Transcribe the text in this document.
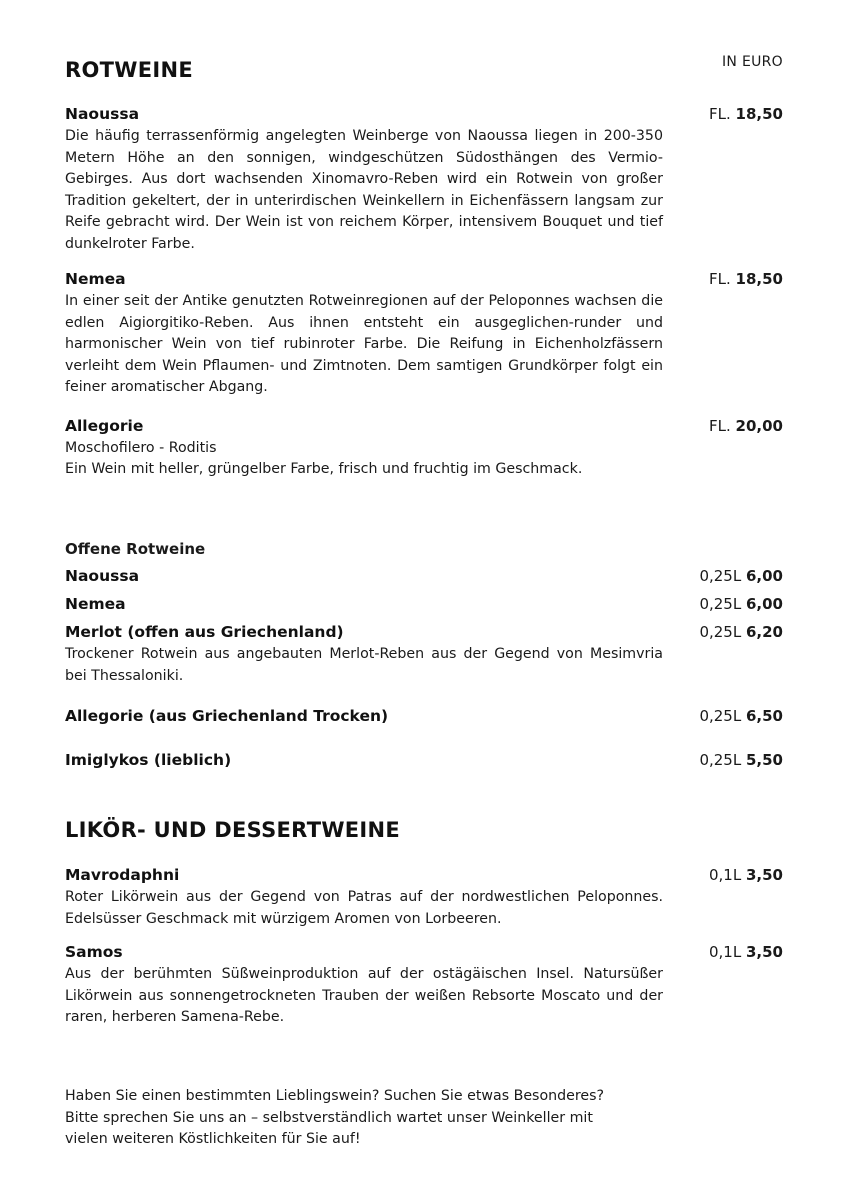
ROTWEINE	IN EURO
Naoussa	FL. 18,50
Die häufig terrassenförmig angelegten Weinberge von Naoussa liegen in 200-350 Metern Höhe an den sonnigen, windgeschützen Südosthängen des Vermio-Gebirges. Aus dort wachsenden Xinomavro-Reben wird ein Rotwein von großer Tradition gekeltert, der in unterirdischen Weinkellern in Eichenfässern langsam zur Reife gebracht wird. Der Wein ist von reichem Körper, intensivem Bouquet und tief dunkelroter Farbe.
Nemea	FL. 18,50
In einer seit der Antike genutzten Rotweinregionen auf der Peloponnes wachsen die edlen Aigiorgitiko-Reben. Aus ihnen entsteht ein ausgeglichen-runder und harmonischer Wein von tief rubinroter Farbe. Die Reifung in Eichenholzfässern verleiht dem Wein Pflaumen- und Zimtnoten. Dem samtigen Grundkörper folgt ein feiner aromatischer Abgang.
Allegorie	FL. 20,00
Moschofilero - Roditis
Ein Wein mit heller, grüngelber Farbe, frisch und fruchtig im Geschmack.
Offene Rotweine
Naoussa	0,25L 6,00
Nemea	0,25L 6,00
Merlot (offen aus Griechenland)	0,25L 6,20
Trockener Rotwein aus angebauten Merlot-Reben aus der Gegend von Mesimvria bei Thessaloniki.
Allegorie (aus Griechenland Trocken)	0,25L 6,50
Imiglykos (lieblich)	0,25L 5,50
LIKÖR- UND DESSERTWEINE
Mavrodaphni	0,1L 3,50
Roter Likörwein aus der Gegend von Patras auf der nordwestlichen Peloponnes. Edelsüsser Geschmack mit würzigem Aromen von Lorbeeren.
Samos	0,1L 3,50
Aus der berühmten Süßweinproduktion auf der ostägäischen Insel. Natursüßer Likörwein aus sonnengetrockneten Trauben der weißen Rebsorte Moscato und der raren, herberen Samena-Rebe.
Haben Sie einen bestimmten Lieblingswein? Suchen Sie etwas Besonderes?
Bitte sprechen Sie uns an – selbstverständlich wartet unser Weinkeller mit
vielen weiteren Köstlichkeiten für Sie auf!
